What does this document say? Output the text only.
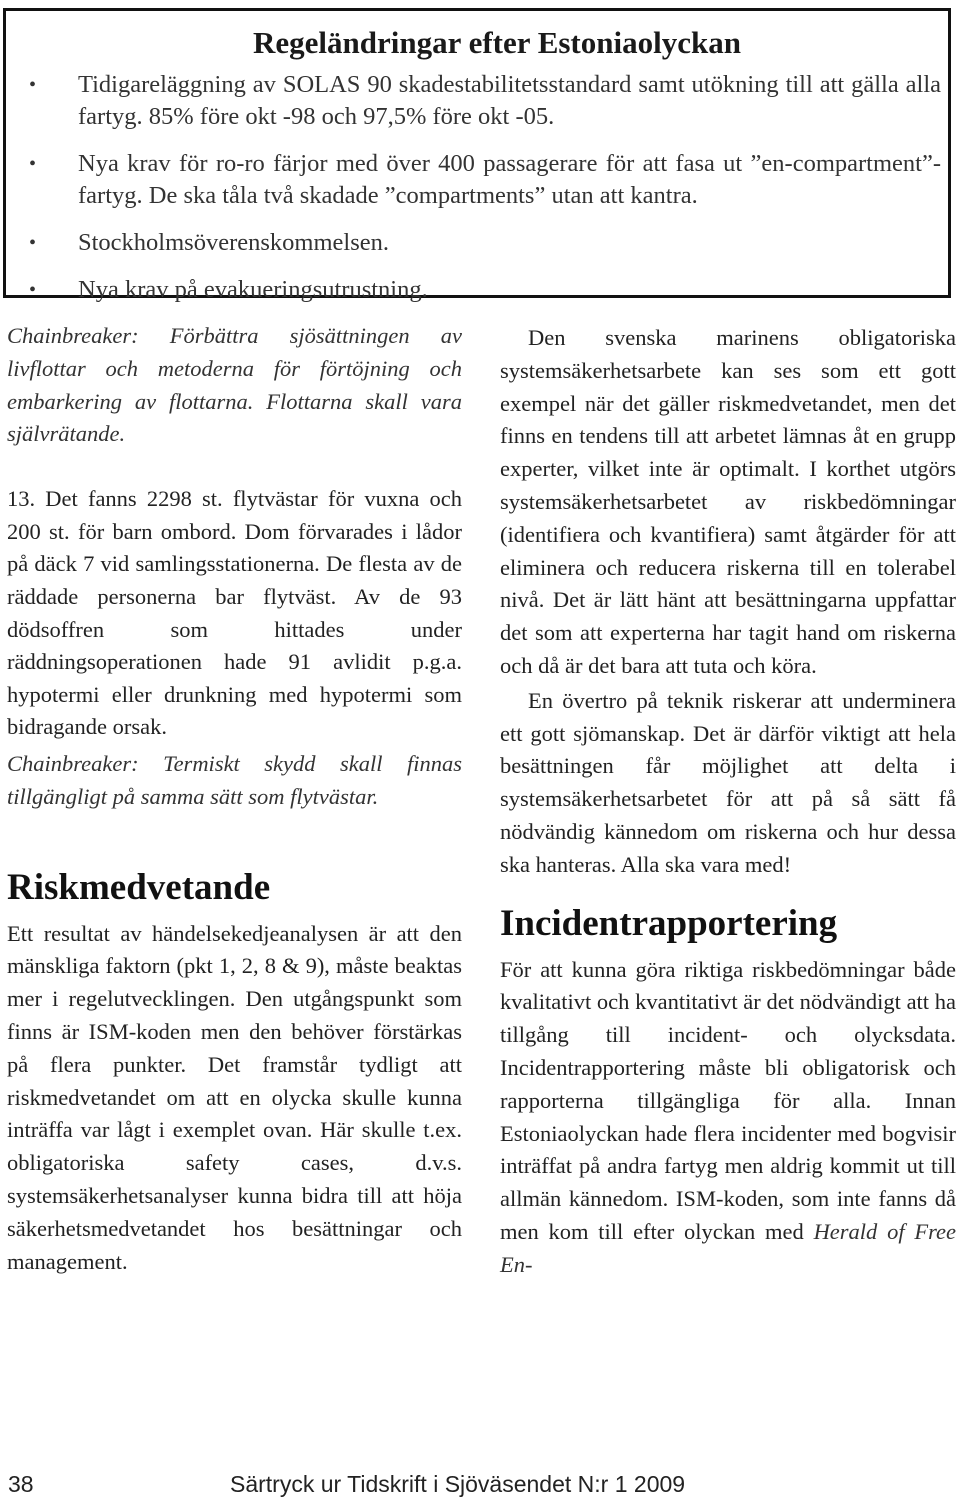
Regeländringar efter Estoniaolyckan
• Tidigareläggning av SOLAS 90 skadestabilitetsstandard samt utökning till att gälla alla fartyg. 85% före okt -98 och 97,5% före okt -05.
• Nya krav för ro-ro färjor med över 400 passagerare för att fasa ut ”en-compartment”-fartyg. De ska tåla två skadade ”compartments” utan att kantra.
• Stockholmsöverenskommelsen.
• Nya krav på evakueringsutrustning.

Chainbreaker: Förbättra sjösättningen av livflottar och metoderna för förtöjning och embarkering av flottarna. Flottarna skall vara självrätande.

13. Det fanns 2298 st. flytvästar för vuxna och 200 st. för barn ombord. Dom förvarades i lådor på däck 7 vid samlingsstationerna. De flesta av de räddade personerna bar flytväst. Av de 93 dödsoffren som hittades under räddningsoperationen hade 91 avlidit p.g.a. hypotermi eller drunkning med hypotermi som bidragande orsak.

Chainbreaker: Termiskt skydd skall finnas tillgängligt på samma sätt som flytvästar.

Riskmedvetande

Ett resultat av händelsekedjeanalysen är att den mänskliga faktorn (pkt 1, 2, 8 & 9), måste beaktas mer i regelutvecklingen. Den utgångspunkt som finns är ISM-koden men den behöver förstärkas på flera punkter. Det framstår tydligt att riskmedvetandet om att en olycka skulle kunna inträffa var lågt i exemplet ovan. Här skulle t.ex. obligatoriska safety cases, d.v.s. systemsäkerhetsanalyser kunna bidra till att höja säkerhetsmedvetandet hos besättningar och management.

Den svenska marinens obligatoriska systemsäkerhetsarbete kan ses som ett gott exempel när det gäller riskmedvetandet, men det finns en tendens till att arbetet lämnas åt en grupp experter, vilket inte är optimalt. I korthet utgörs systemsäkerhetsarbetet av riskbedömningar (identifiera och kvantifiera) samt åtgärder för att eliminera och reducera riskerna till en tolerabel nivå. Det är lätt hänt att besättningarna uppfattar det som att experterna har tagit hand om riskerna och då är det bara att tuta och köra.

En övertro på teknik riskerar att underminera ett gott sjömanskap. Det är därför viktigt att hela besättningen får möjlighet att delta i systemsäkerhetsarbetet för att på så sätt få nödvändig kännedom om riskerna och hur dessa ska hanteras. Alla ska vara med!

Incidentrapportering

För att kunna göra riktiga riskbedömningar både kvalitativt och kvantitativt är det nödvändigt att ha tillgång till incident- och olycksdata. Incidentrapportering måste bli obligatorisk och rapporterna tillgängliga för alla. Innan Estoniaolyckan hade flera incidenter med bogvisir inträffat på andra fartyg men aldrig kommit ut till allmän kännedom. ISM-koden, som inte fanns då men kom till efter olyckan med Herald of Free En-

38	Särtryck ur Tidskrift i Sjöväsendet N:r 1 2009
